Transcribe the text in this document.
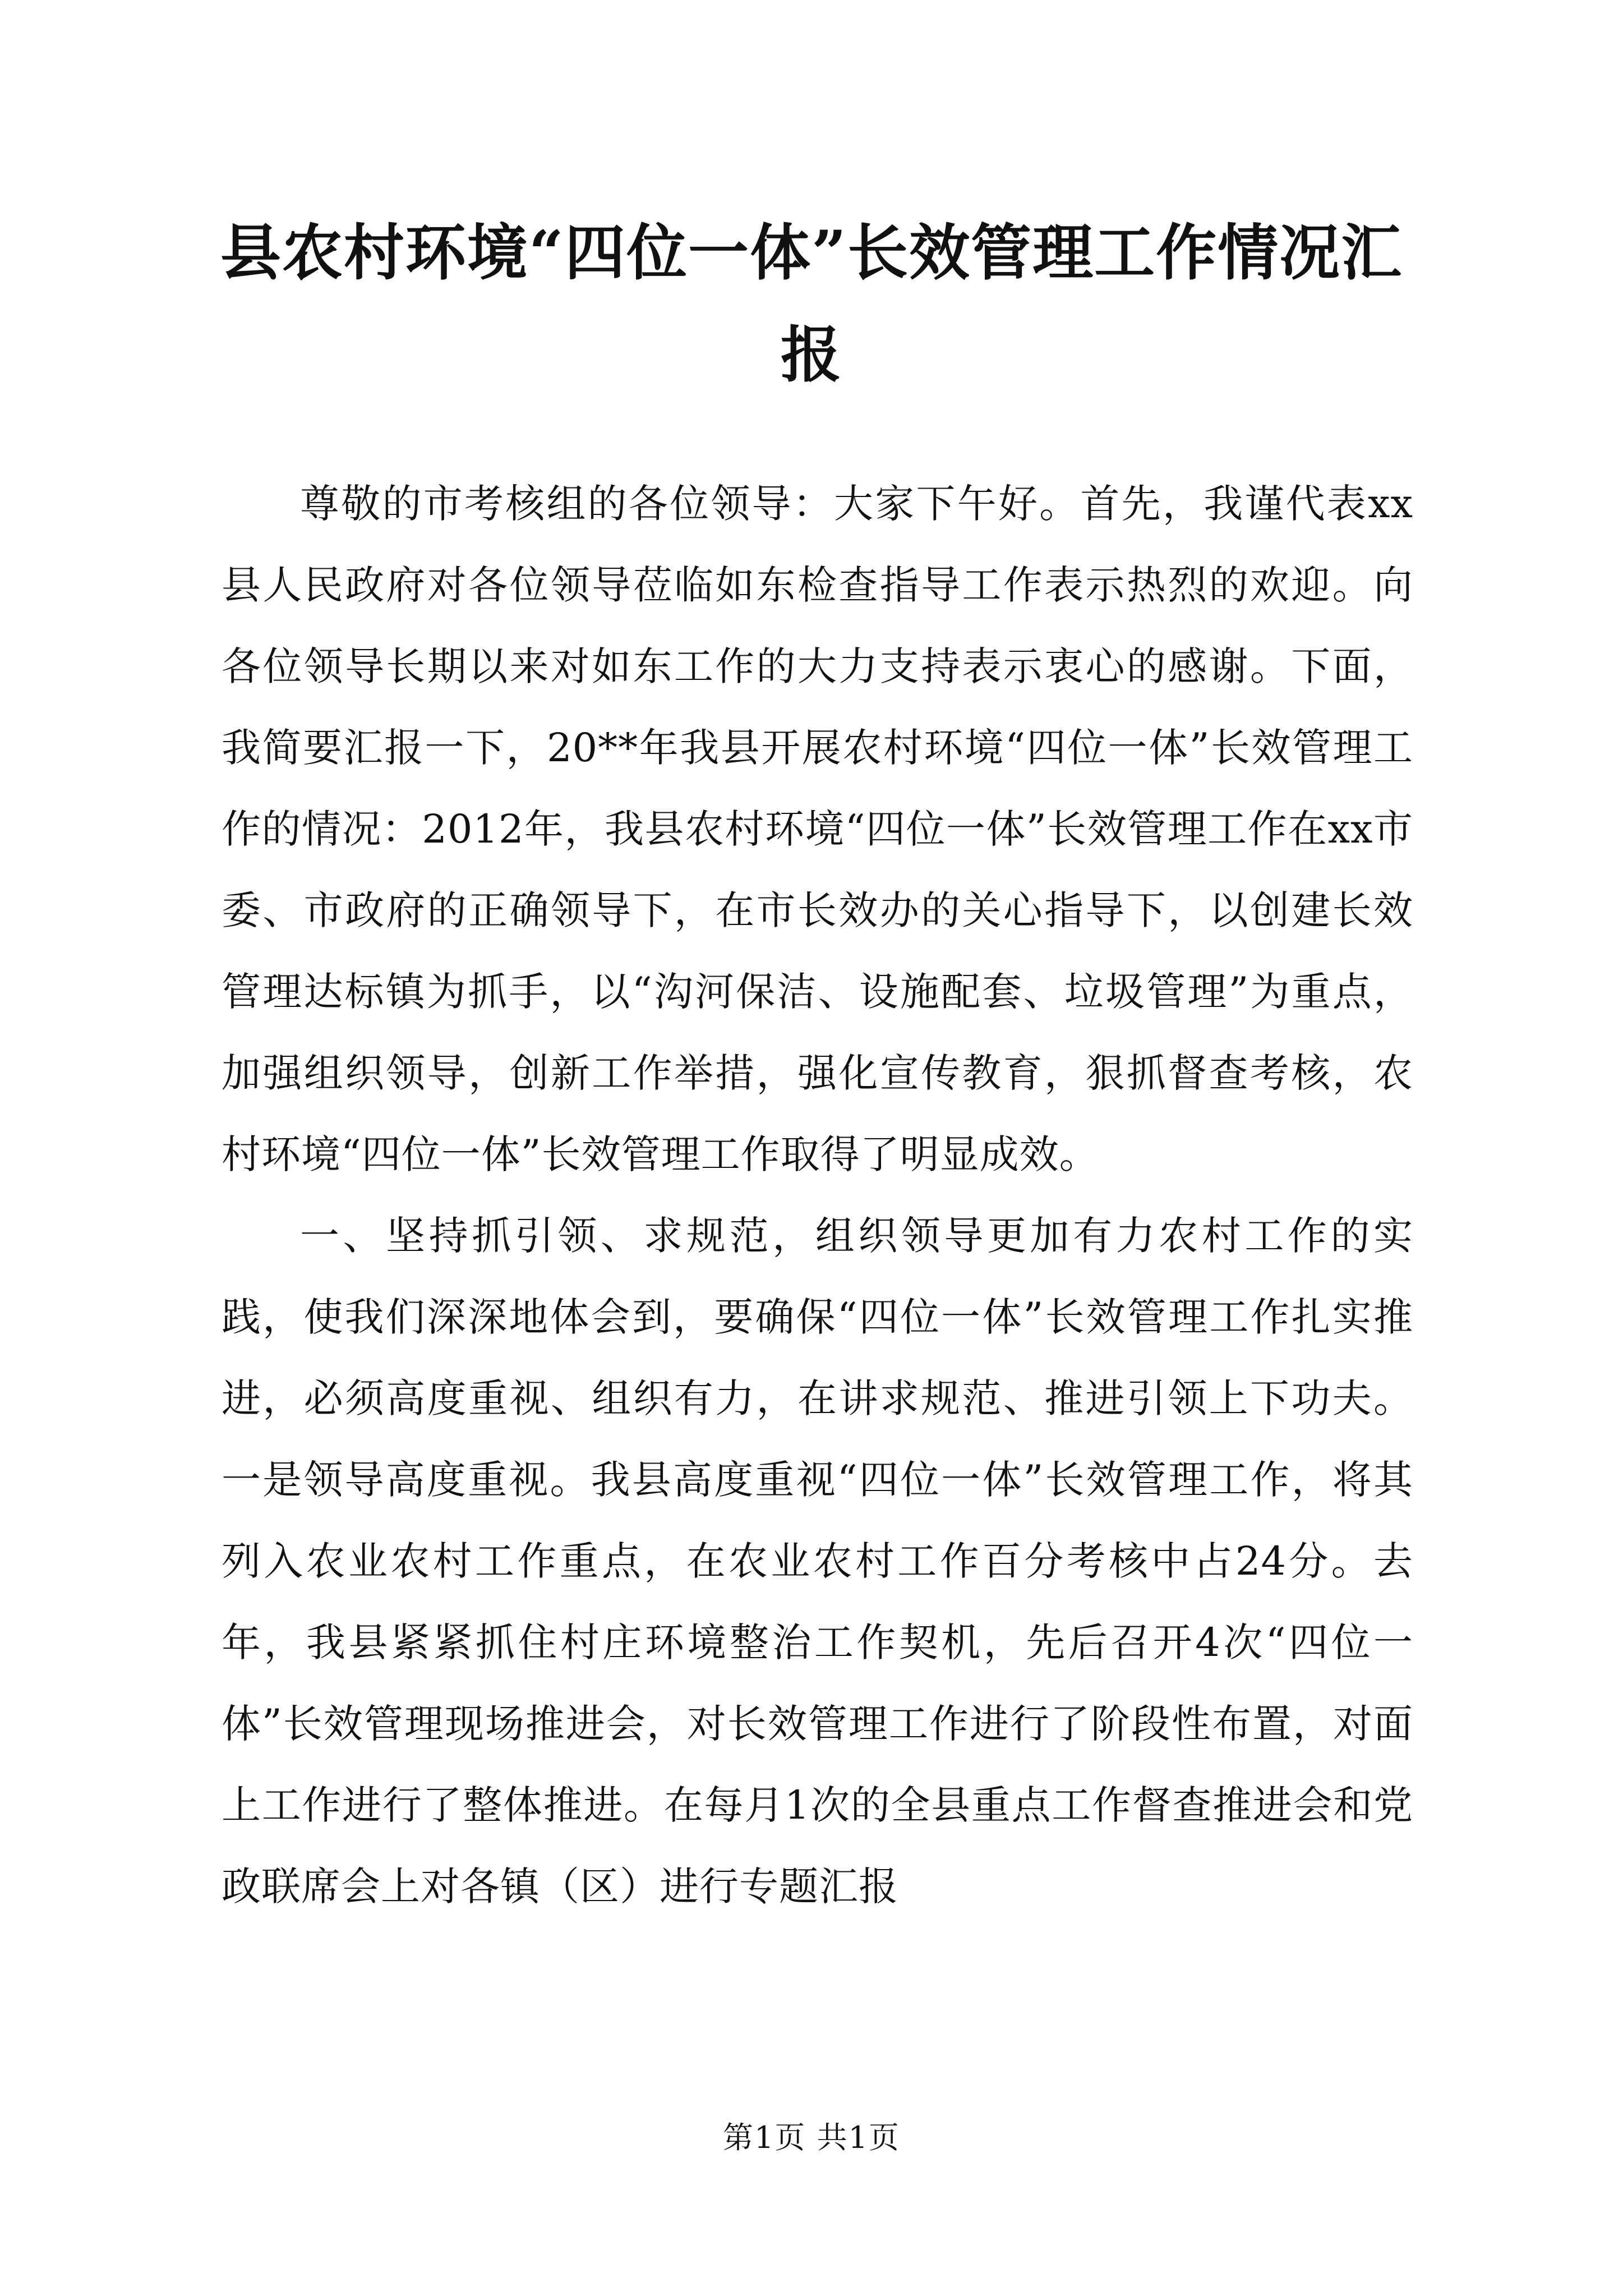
县农村环境“四位一体”长效管理工作情况汇报

尊敬的市考核组的各位领导：大家下午好。首先，我谨代表xx县人民政府对各位领导莅临如东检查指导工作表示热烈的欢迎。向各位领导长期以来对如东工作的大力支持表示衷心的感谢。下面，我简要汇报一下，20**年我县开展农村环境“四位一体”长效管理工作的情况：2012年，我县农村环境“四位一体”长效管理工作在xx市委、市政府的正确领导下，在市长效办的关心指导下，以创建长效管理达标镇为抓手，以“沟河保洁、设施配套、垃圾管理”为重点，加强组织领导，创新工作举措，强化宣传教育，狠抓督查考核，农村环境“四位一体”长效管理工作取得了明显成效。

一、坚持抓引领、求规范，组织领导更加有力农村工作的实践，使我们深深地体会到，要确保“四位一体”长效管理工作扎实推进，必须高度重视、组织有力，在讲求规范、推进引领上下功夫。一是领导高度重视。我县高度重视“四位一体”长效管理工作，将其列入农业农村工作重点，在农业农村工作百分考核中占24分。去年，我县紧紧抓住村庄环境整治工作契机，先后召开4次“四位一体”长效管理现场推进会，对长效管理工作进行了阶段性布置，对面上工作进行了整体推进。在每月1次的全县重点工作督查推进会和党政联席会上对各镇（区）进行专题汇报

第1页 共1页
